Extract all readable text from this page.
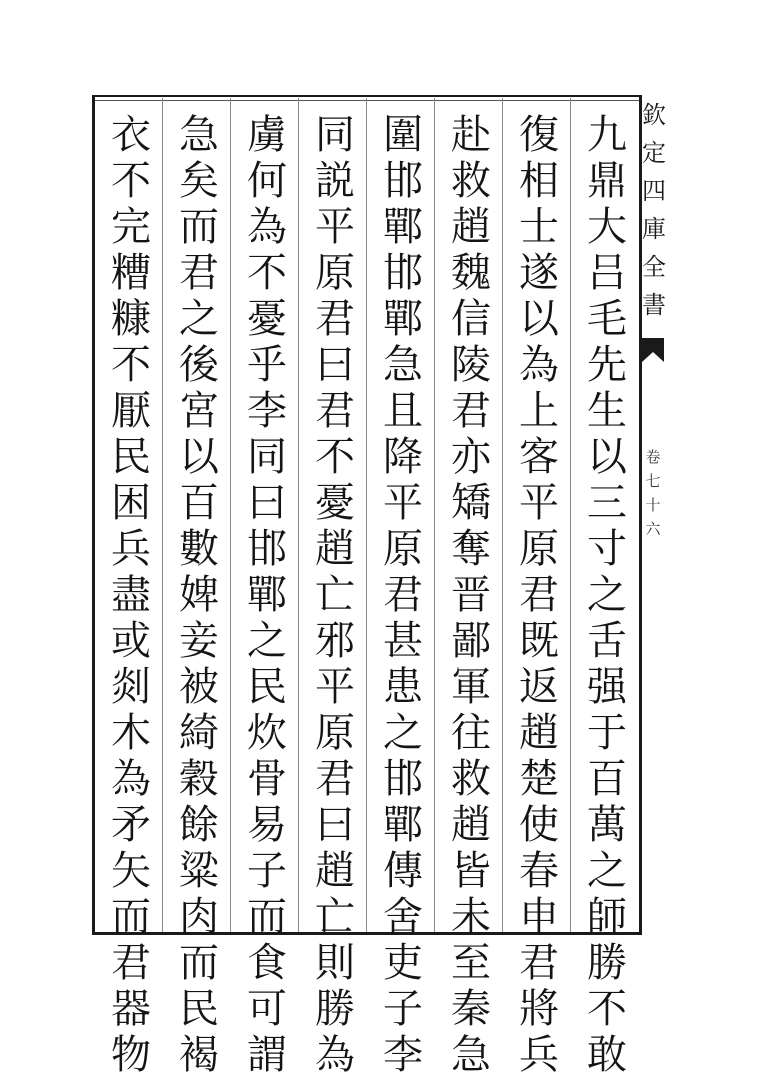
九
鼎
大
吕
毛
先
生
以
三
寸
之
舌
强
于
百
萬
之
師
勝
不
敢
復
相
士
遂
以
為
上
客
平
原
君
既
返
趙
楚
使
春
申
君
將
兵
赴
救
趙
魏
信
陵
君
亦
矯
奪
晋
鄙
軍
往
救
趙
皆
未
至
秦
急
圍
邯
鄲
邯
鄲
急
且
降
平
原
君
甚
患
之
邯
鄲
傳
舍
吏
子
李
同
説
平
原
君
曰
君
不
憂
趙
亡
邪
平
原
君
曰
趙
亡
則
勝
為
虜
何
為
不
憂
乎
李
同
曰
邯
鄲
之
民
炊
骨
易
子
而
食
可
謂
急
矣
而
君
之
後
宮
以
百
數
婢
妾
被
綺
穀
餘
粱
肉
而
民
褐
衣
不
完
糟
糠
不
厭
民
困
兵
盡
或
剡
木
為
矛
矢
而
君
器
物
欽
定
四
庫
全
書
卷
七
十
六
